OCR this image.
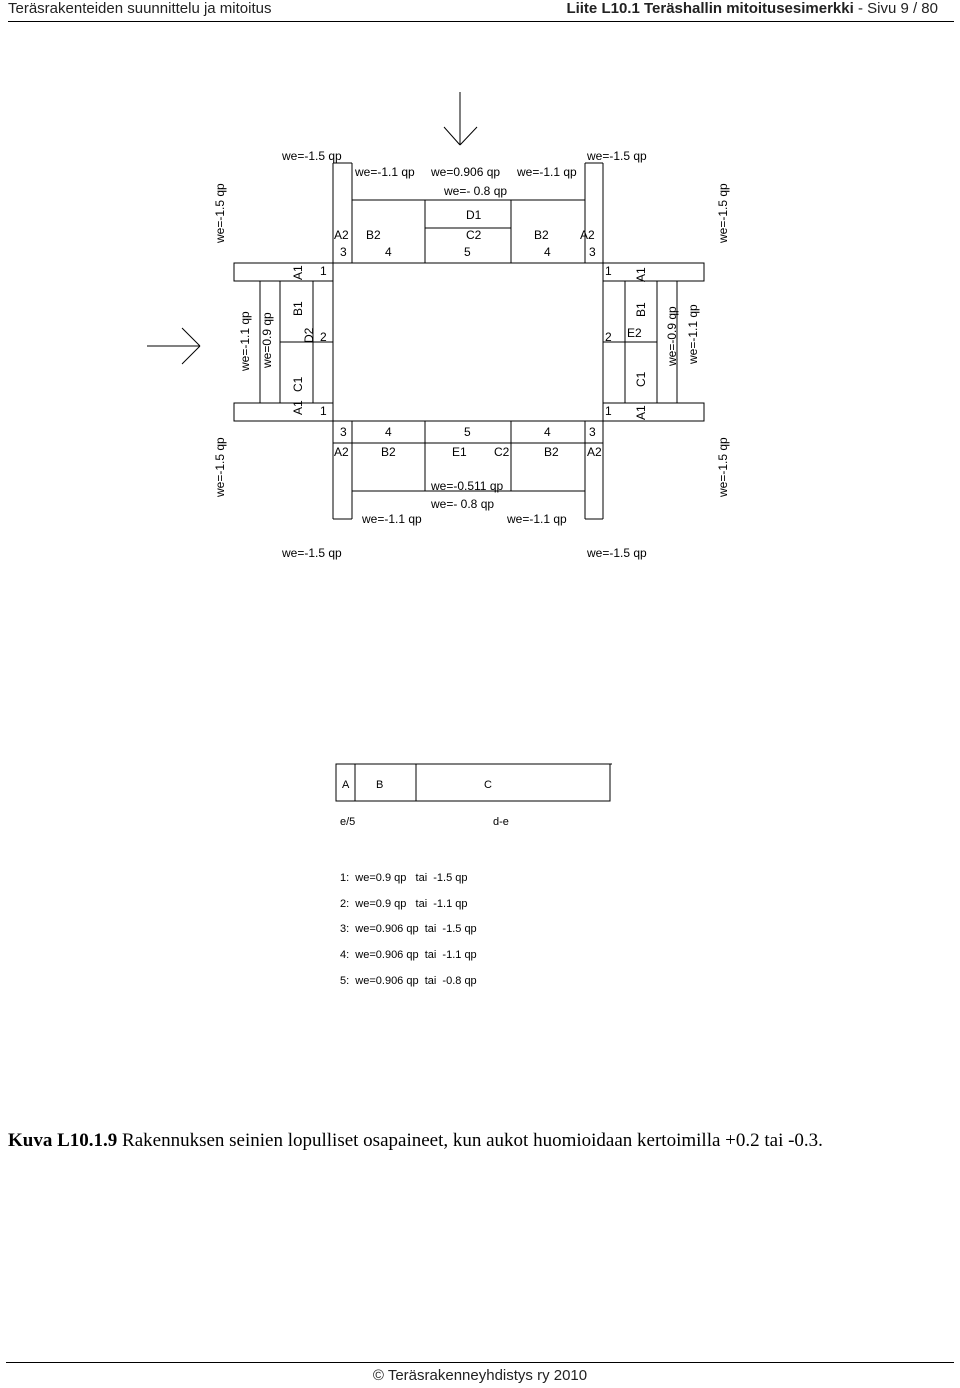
Teräsrakenteiden suunnittelu ja mitoitus	Liite L10.1 Teräshallin mitoitusesimerkki - Sivu 9 / 80
we=-1.5 qp	we=-1.5 qp
we=-1.5 qp	we=-1.5 qp
we=-1.5 qp
we=-1.5 qp
we=-1.5 qp
we=-1.5 qp
we=-1.1 qp we=0.906 qp we=-1.1 qp
we=- 0.8 qp
D1
A2 B2	C2	B2	A2
3	4	5	4	3
3	4	5	4	3
A2	B2	E1 C2	B2 A2
we=-0.511 qp
we=- 0.8 qp
we=-1.1 qp	we=-1.1 qp
we=-1.1 qp we=0.9 qp
A1
B1
D2
C1
A1
1
2
1
A1
B1
E2
C1
A1
we=-0.9 qp we=-1.1 qp
1
2
1
A B	C
e/5	d-e
1:  we=0.9 qp   tai  -1.5 qp
2:  we=0.9 qp   tai  -1.1 qp
3:  we=0.906 qp  tai  -1.5 qp
4:  we=0.906 qp  tai  -1.1 qp
5:  we=0.906 qp  tai  -0.8 qp
Kuva L10.1.9 Rakennuksen seinien lopulliset osapaineet, kun aukot huomioidaan kertoimilla +0.2 tai -0.3.
© Teräsrakenneyhdistys ry 2010
